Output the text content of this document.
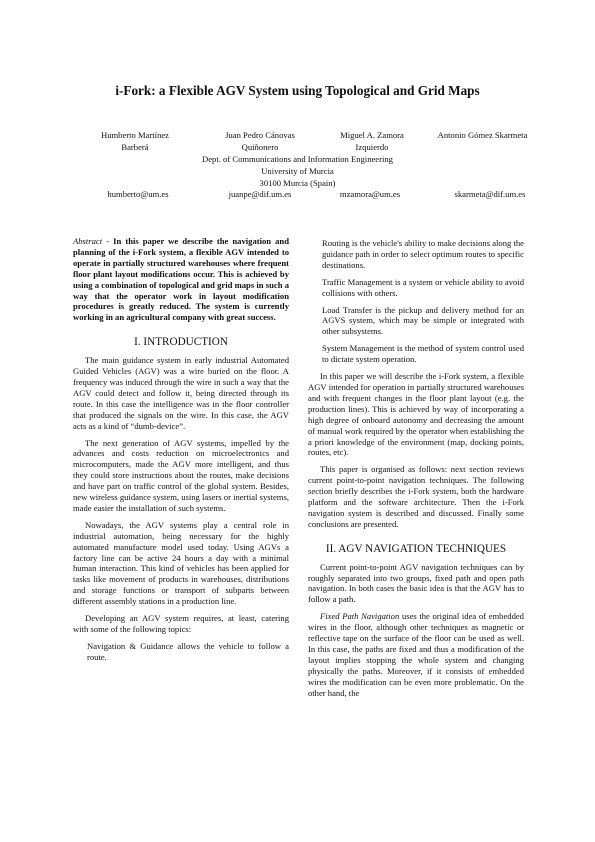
i-Fork: a Flexible AGV System using Topological and Grid Maps
Humberto Martínez Barberá
Juan Pedro Cánovas Quiñonero
Miguel A. Zamora Izquierdo
Antonio Gómez Skarmeta
Dept. of Communications and Information Engineering
University of Murcia
30100 Murcia (Spain)
humberto@um.es	juanpe@dif.um.es	mzamora@um.es	skarmeta@dif.um.es

Abstract - In this paper we describe the navigation and planning of the i-Fork system, a flexible AGV intended to operate in partially structured warehouses where frequent floor plant layout modifications occur. This is achieved by using a combination of topological and grid maps in such a way that the operator work in layout modification procedures is greatly reduced. The system is currently working in an agricultural company with great success.

I. INTRODUCTION

The main guidance system in early industrial Automated Guided Vehicles (AGV) was a wire buried on the floor. A frequency was induced through the wire in such a way that the AGV could detect and follow it, being directed through its route. In this case the intelligence was in the floor controller that produced the signals on the wire. In this case, the AGV acts as a kind of “dumb-device”.

The next generation of AGV systems, impelled by the advances and costs reduction on microelectronics and microcomputers, made the AGV more intelligent, and thus they could store instructions about the routes, make decisions and have part on traffic control of the global system. Besides, new wireless guidance system, using lasers or inertial systems, made easier the installation of such systems.

Nowadays, the AGV systems play a central role in industrial automation, being necessary for the highly automated manufacture model used today. Using AGVs a factory line can be active 24 hours a day with a minimal human interaction. This kind of vehicles has been applied for tasks like movement of products in warehouses, distributions and storage functions or transport of subparts between different assembly stations in a production line.

Developing an AGV system requires, at least, catering with some of the following topics:

Navigation & Guidance allows the vehicle to follow a route.

Routing is the vehicle's ability to make decisions along the guidance path in order to select optimum routes to specific destinations.

Traffic Management is a system or vehicle ability to avoid collisions with others.

Load Transfer is the pickup and delivery method for an AGVS system, which may be simple or integrated with other subsystems.

System Management is the method of system control used to dictate system operation.

In this paper we will describe the i-Fork system, a flexible AGV intended for operation in partially structured warehouses and with frequent changes in the floor plant layout (e.g. the production lines). This is achieved by way of incorporating a high degree of onboard autonomy and decreasing the amount of manual work required by the operator when establishing the a priori knowledge of the environment (map, docking points, routes, etc).

This paper is organised as follows: next section reviews current point-to-point navigation techniques. The following section briefly describes the i-Fork system, both the hardware platform and the software architecture. Then the i-Fork navigation system is described and discussed. Finally some conclusions are presented.

II. AGV NAVIGATION TECHNIQUES

Current point-to-point AGV navigation techniques can by roughly separated into two groups, fixed path and open path navigation. In both cases the basic idea is that the AGV has to follow a path.

Fixed Path Navigation uses the original idea of embedded wires in the floor, although other techniques as magnetic or reflective tape on the surface of the floor can be used as well. In this case, the paths are fixed and thus a modification of the layout implies stopping the whole system and changing physically the paths. Moreover, if it consists of embedded wires the modification can be even more problematic. On the other hand, the
